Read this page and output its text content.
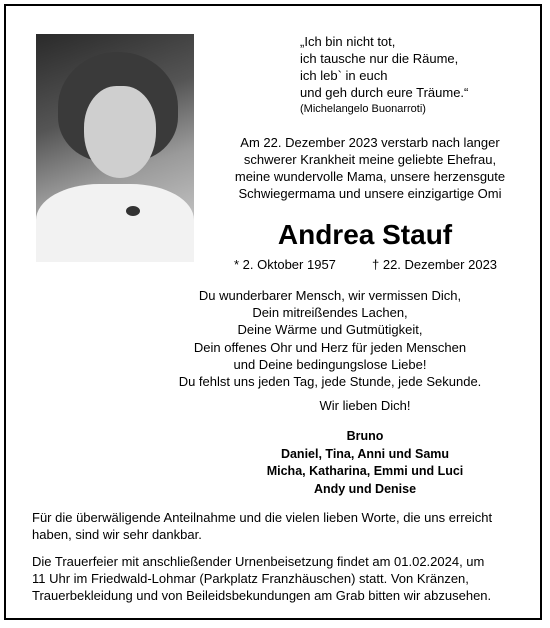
„Ich bin nicht tot,
ich tausche nur die Räume,
ich leb` in euch
und geh durch eure Träume.“
(Michelangelo Buonarroti)
Am 22. Dezember 2023 verstarb nach langer
schwerer Krankheit meine geliebte Ehefrau,
meine wundervolle Mama, unsere herzensgute
Schwiegermama und unsere einzigartige Omi
Andrea Stauf
* 2. Oktober 1957	† 22. Dezember 2023
Du wunderbarer Mensch, wir vermissen Dich,
Dein mitreißendes Lachen,
Deine Wärme und Gutmütigkeit,
Dein offenes Ohr und Herz für jeden Menschen
und Deine bedingungslose Liebe!
Du fehlst uns jeden Tag, jede Stunde, jede Sekunde.
Wir lieben Dich!
Bruno
Daniel, Tina, Anni und Samu
Micha, Katharina, Emmi und Luci
Andy und Denise
Für die überwäligende Anteilnahme und die vielen lieben Worte, die uns erreicht
haben, sind wir sehr dankbar.
Die Trauerfeier mit anschließender Urnenbeisetzung findet am 01.02.2024, um
11 Uhr im Friedwald-Lohmar (Parkplatz Franzhäuschen) statt. Von Kränzen,
Trauerbekleidung und von Beileidsbekundungen am Grab bitten wir abzusehen.
